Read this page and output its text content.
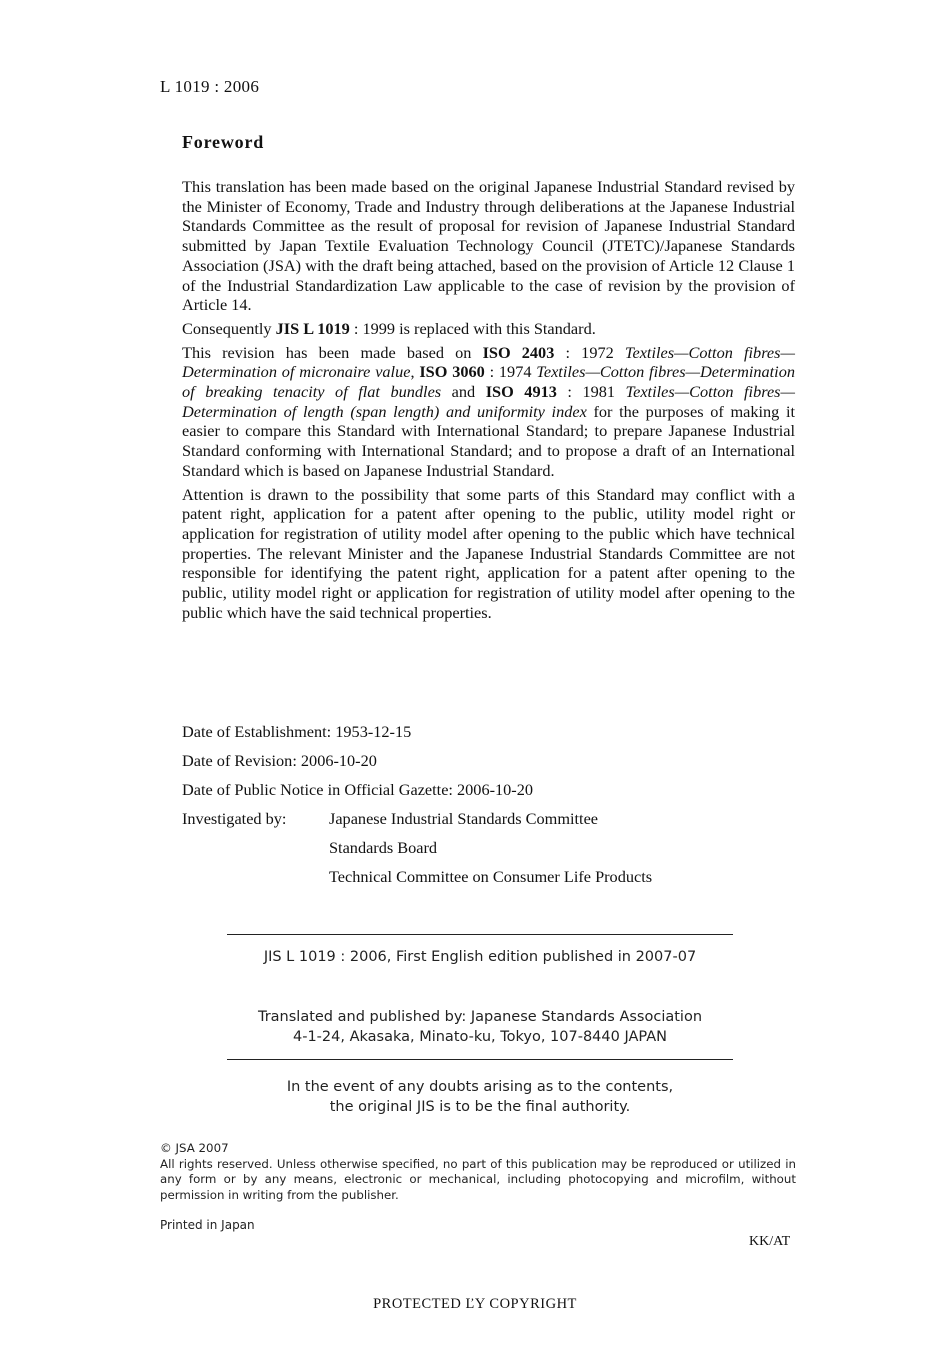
L 1019 : 2006
Foreword

This translation has been made based on the original Japanese Industrial Standard revised by the Minister of Economy, Trade and Industry through deliberations at the Japanese Industrial Standards Committee as the result of proposal for revision of Japanese Industrial Standard submitted by Japan Textile Evaluation Technology Council (JTETC)/Japanese Standards Association (JSA) with the draft being attached, based on the provision of Article 12 Clause 1 of the Industrial Standardization Law applicable to the case of revision by the provision of Article 14.

Consequently JIS L 1019 : 1999 is replaced with this Standard.

This revision has been made based on ISO 2403 : 1972 Textiles—Cotton fibres—Determination of micronaire value, ISO 3060 : 1974 Textiles—Cotton fibres—Determination of breaking tenacity of flat bundles and ISO 4913 : 1981 Textiles—Cotton fibres—Determination of length (span length) and uniformity index for the purposes of making it easier to compare this Standard with International Standard; to prepare Japanese Industrial Standard conforming with International Standard; and to propose a draft of an International Standard which is based on Japanese Industrial Standard.

Attention is drawn to the possibility that some parts of this Standard may conflict with a patent right, application for a patent after opening to the public, utility model right or application for registration of utility model after opening to the public which have technical properties. The relevant Minister and the Japanese Industrial Standards Committee are not responsible for identifying the patent right, application for a patent after opening to the public, utility model right or application for registration of utility model after opening to the public which have the said technical properties.

Date of Establishment: 1953-12-15
Date of Revision: 2006-10-20
Date of Public Notice in Official Gazette: 2006-10-20
Investigated by:	Japanese Industrial Standards Committee
Standards Board
Technical Committee on Consumer Life Products
JIS L 1019 : 2006, First English edition published in 2007-07
Translated and published by: Japanese Standards Association
4-1-24, Akasaka, Minato-ku, Tokyo, 107-8440 JAPAN
In the event of any doubts arising as to the contents,
the original JIS is to be the final authority.
© JSA 2007
All rights reserved. Unless otherwise specified, no part of this publication may be reproduced or utilized in any form or by any means, electronic or mechanical, including photocopying and microfilm, without permission in writing from the publisher.
Printed in Japan
KK/AT
PROTECTED ĽY COPYRIGHT
